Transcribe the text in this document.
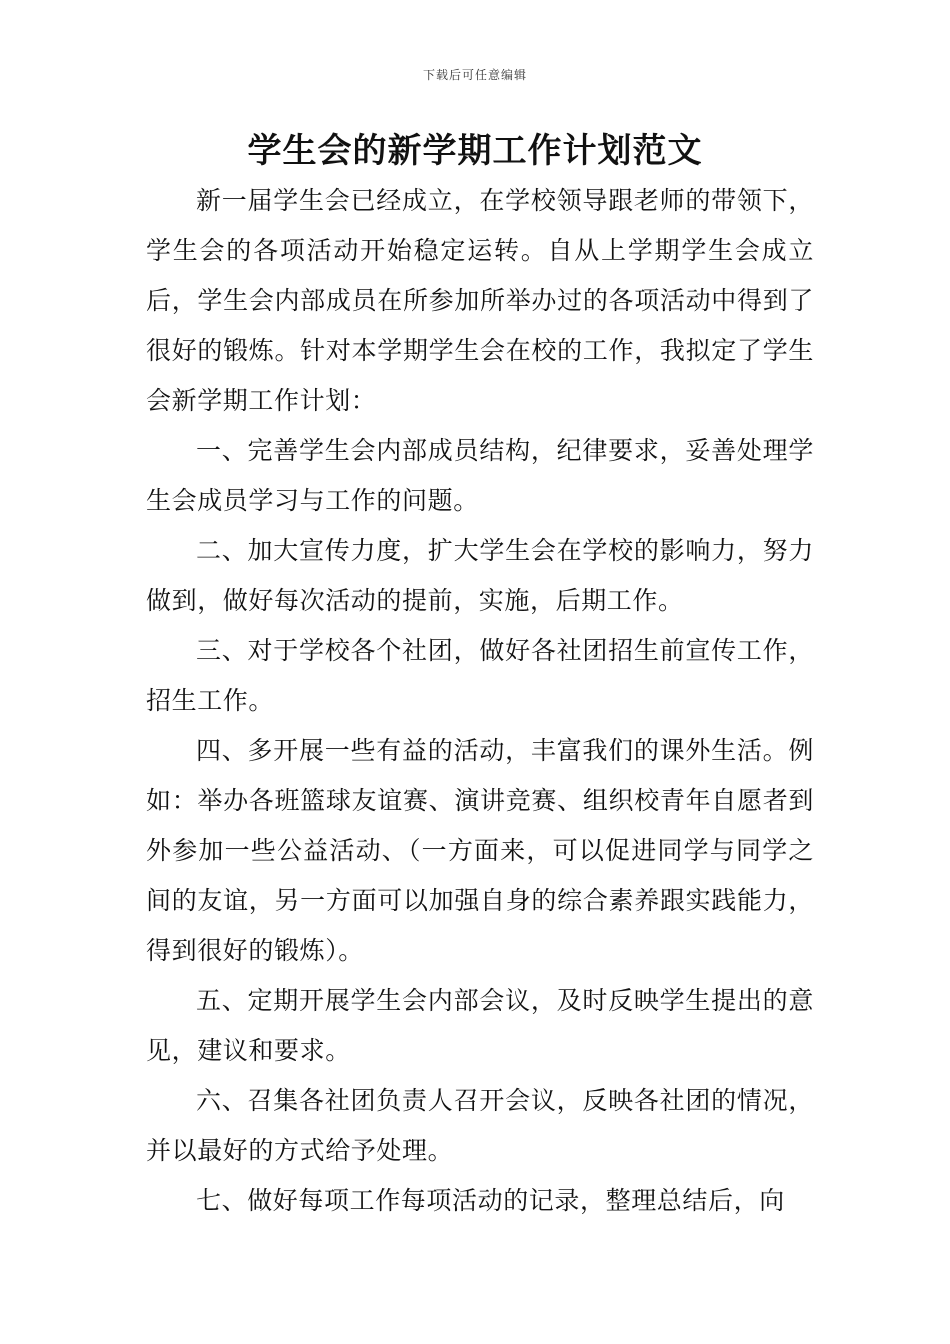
下载后可任意编辑
学生会的新学期工作计划范文

新一届学生会已经成立，在学校领导跟老师的带领下，学生会的各项活动开始稳定运转。自从上学期学生会成立后，学生会内部成员在所参加所举办过的各项活动中得到了很好的锻炼。针对本学期学生会在校的工作，我拟定了学生会新学期工作计划：

一、完善学生会内部成员结构，纪律要求，妥善处理学生会成员学习与工作的问题。

二、加大宣传力度，扩大学生会在学校的影响力，努力做到，做好每次活动的提前，实施，后期工作。

三、对于学校各个社团，做好各社团招生前宣传工作，招生工作。

四、多开展一些有益的活动，丰富我们的课外生活。例如：举办各班篮球友谊赛、演讲竞赛、组织校青年自愿者到外参加一些公益活动、（一方面来，可以促进同学与同学之间的友谊，另一方面可以加强自身的综合素养跟实践能力，得到很好的锻炼）。

五、定期开展学生会内部会议，及时反映学生提出的意见，建议和要求。

六、召集各社团负责人召开会议，反映各社团的情况，并以最好的方式给予处理。

七、做好每项工作每项活动的记录，整理总结后，向
